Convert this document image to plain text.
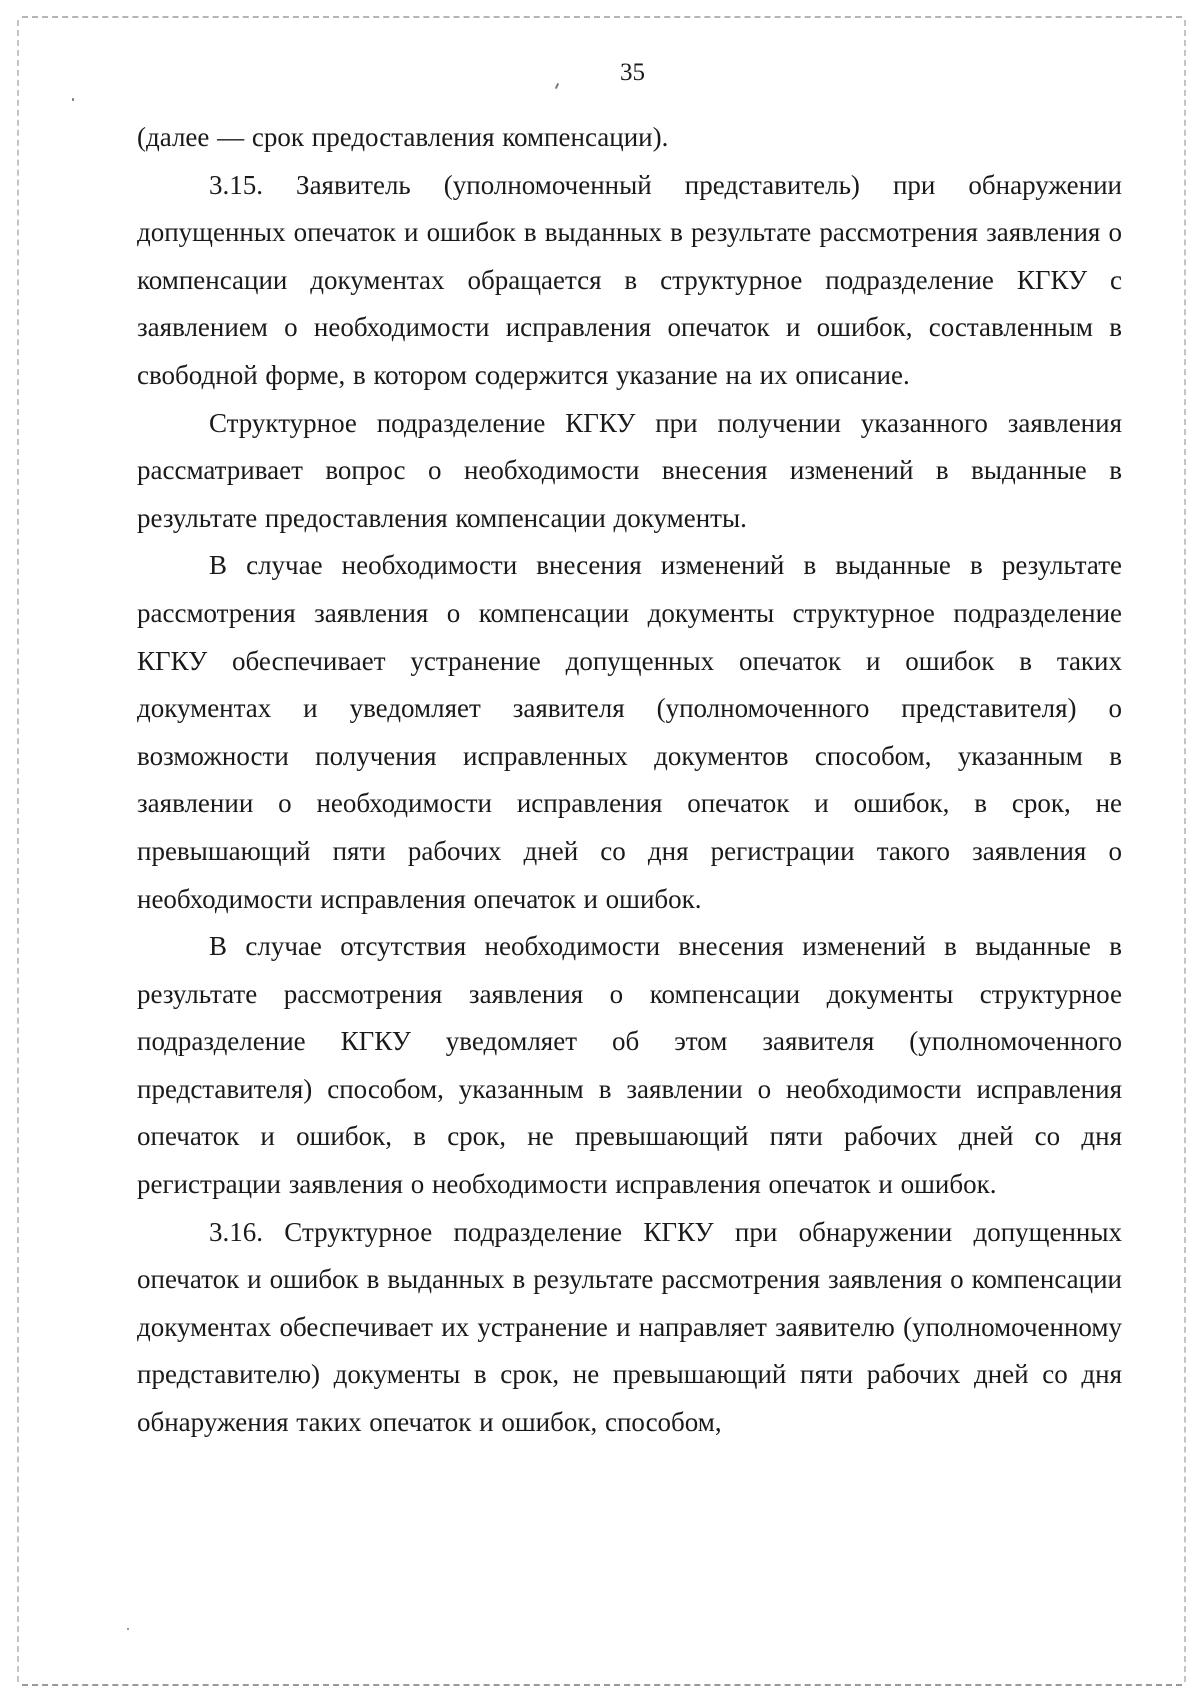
35

(далее — срок предоставления компенсации).

3.15. Заявитель (уполномоченный представитель) при обнаружении допущенных опечаток и ошибок в выданных в результате рассмотрения заявления о компенсации документах обращается в структурное подразделение КГКУ с заявлением о необходимости исправления опечаток и ошибок, составленным в свободной форме, в котором содержится указание на их описание.

Структурное подразделение КГКУ при получении указанного заявления рассматривает вопрос о необходимости внесения изменений в выданные в результате предоставления компенсации документы.

В случае необходимости внесения изменений в выданные в результате рассмотрения заявления о компенсации документы структурное подразделение КГКУ обеспечивает устранение допущенных опечаток и ошибок в таких документах и уведомляет заявителя (уполномоченного представителя) о возможности получения исправленных документов способом, указанным в заявлении о необходимости исправления опечаток и ошибок, в срок, не превышающий пяти рабочих дней со дня регистрации такого заявления о необходимости исправления опечаток и ошибок.

В случае отсутствия необходимости внесения изменений в выданные в результате рассмотрения заявления о компенсации документы структурное подразделение КГКУ уведомляет об этом заявителя (уполномоченного представителя) способом, указанным в заявлении о необходимости исправления опечаток и ошибок, в срок, не превышающий пяти рабочих дней со дня регистрации заявления о необходимости исправления опечаток и ошибок.

3.16. Структурное подразделение КГКУ при обнаружении допущенных опечаток и ошибок в выданных в результате рассмотрения заявления о компенсации документах обеспечивает их устранение и направляет заявителю (уполномоченному представителю) документы в срок, не превышающий пяти рабочих дней со дня обнаружения таких опечаток и ошибок, способом,
